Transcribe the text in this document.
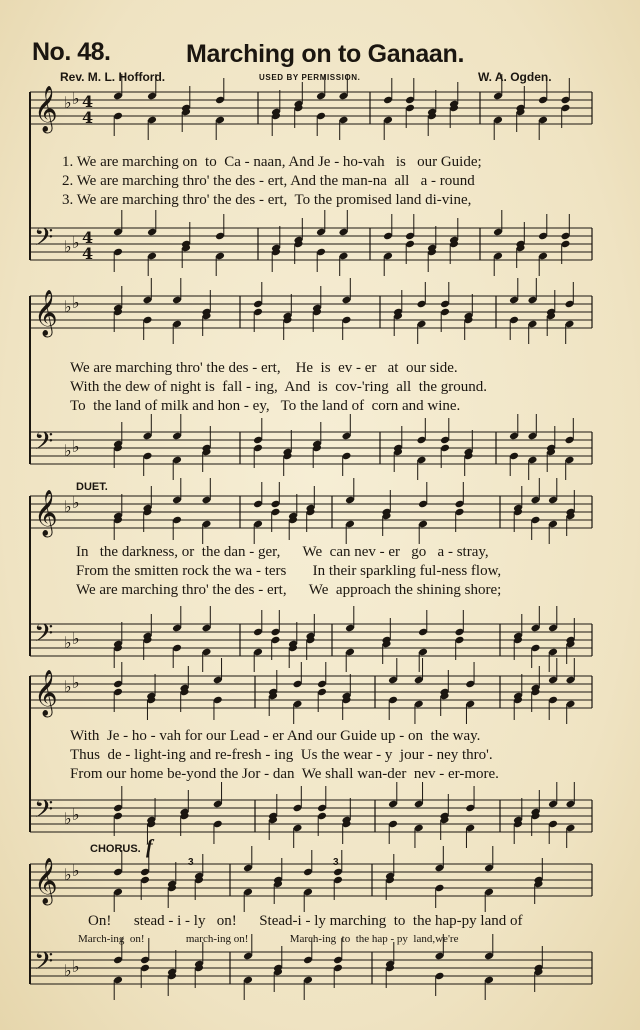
No. 48.	Marching on to Ganaan.
Rev. M. L. Hofford.	USED BY PERMISSION.	W. A. Ogden.
𝄞 ♭ ♭
𝄢 ♭ ♭
4
4
4
4
𝄞 ♭ ♭
𝄢 ♭ ♭
𝄞 ♭ ♭
𝄢 ♭ ♭
𝄞 ♭ ♭
𝄢 ♭ ♭
𝄞 ♭ ♭
𝄢 ♭ ♭
DUET.
CHORUS. f
3	3

1. We are marching on  to  Ca - naan, And Je - ho-vah   is   our Guide;

2. We are marching thro' the des - ert, And the man-na  all   a - round

3. We are marching thro' the des - ert,  To the promised land di-vine,

We are marching thro' the des - ert,    He  is  ev - er   at  our side.

With the dew of night is  fall - ing,  And  is  cov-'ring  all  the ground.

To  the land of milk and hon - ey,   To the land of  corn and wine.

In   the darkness, or  the dan - ger,      We  can nev - er   go   a - stray,

From the smitten rock the wa - ters       In their sparkling ful-ness flow,

We are marching thro' the des - ert,      We  approach the shining shore;

With  Je - ho - vah for our Lead - er And our Guide up - on  the way.

Thus  de - light-ing and re-fresh - ing  Us the wear - y  jour - ney thro'.

From our home be-yond the Jor - dan  We shall wan-der  nev - er-more.

On!      stead - i - ly   on!      Stead-i - ly marching  to  the hap-py land of

March-ing  on!               march-ing on!               March-ing  to  the hap - py  land,we're
